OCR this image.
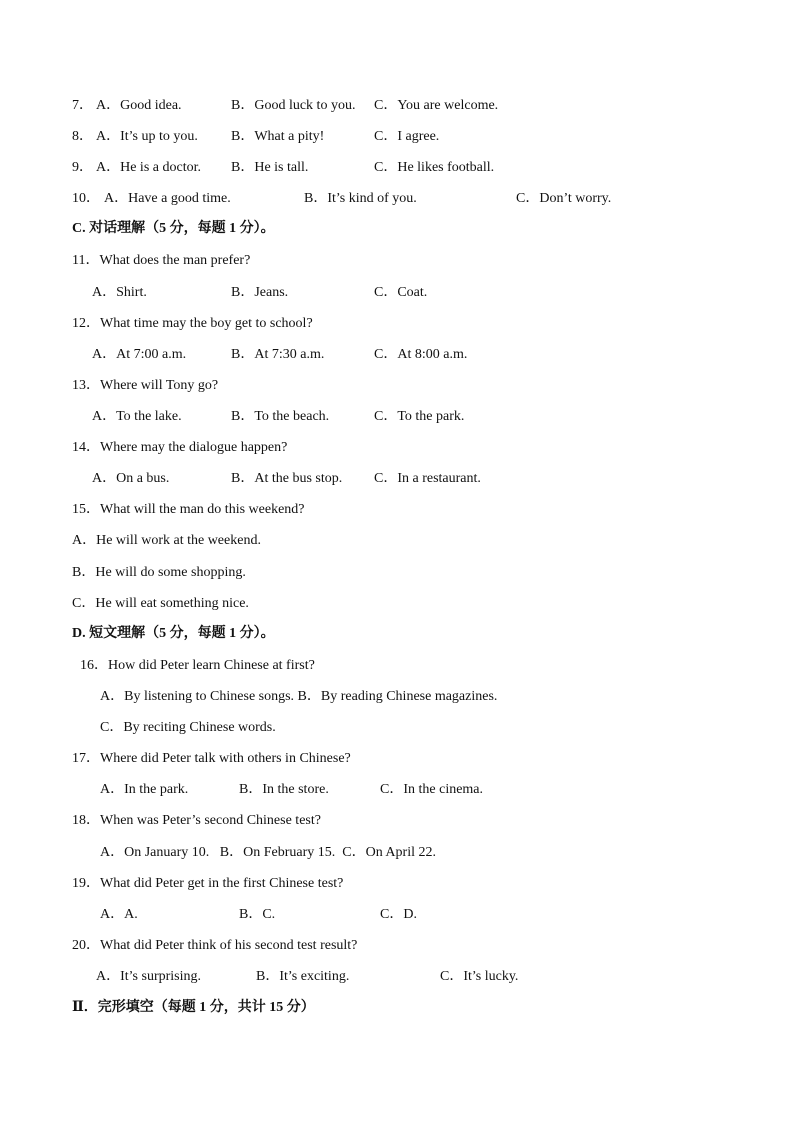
7． A．Good idea.	B．Good luck to you. C．You are welcome.
8． A．It’s up to you. B．What a pity!	C．I agree.
9． A．He is a doctor. B．He is tall.	C．He likes football.
10． A．Have a good time.	B．It’s kind of you.	C．Don’t worry.
C. 对话理解（5 分，每题 1 分）。
11．What does the man prefer?
A．Shirt.	B．Jeans.	C．Coat.
12．What time may the boy get to school?
A．At 7:00 a.m.	B．At 7:30 a.m.	C．At 8:00 a.m.
13．Where will Tony go?
A．To the lake.	B．To the beach.	C．To the park.
14．Where may the dialogue happen?
A．On a bus.	B．At the bus stop. C．In a restaurant.
15．What will the man do this weekend?
A．He will work at the weekend.
B．He will do some shopping.
C．He will eat something nice.
D. 短文理解（5 分，每题 1 分）。
16．How did Peter learn Chinese at first?
A．By listening to Chinese songs. B．By reading Chinese magazines.
C．By reciting Chinese words.
17．Where did Peter talk with others in Chinese?
A．In the park.	B．In the store.	C．In the cinema.
18．When was Peter’s second Chinese test?
A．On January 10.   B．On February 15.  C．On April 22.
19．What did Peter get in the first Chinese test?
A．A.	B．C.	C．D.
20．What did Peter think of his second test result?
A．It’s surprising.	B．It’s exciting.	C．It’s lucky.
Ⅱ．完形填空（每题 1 分，共计 15 分）
